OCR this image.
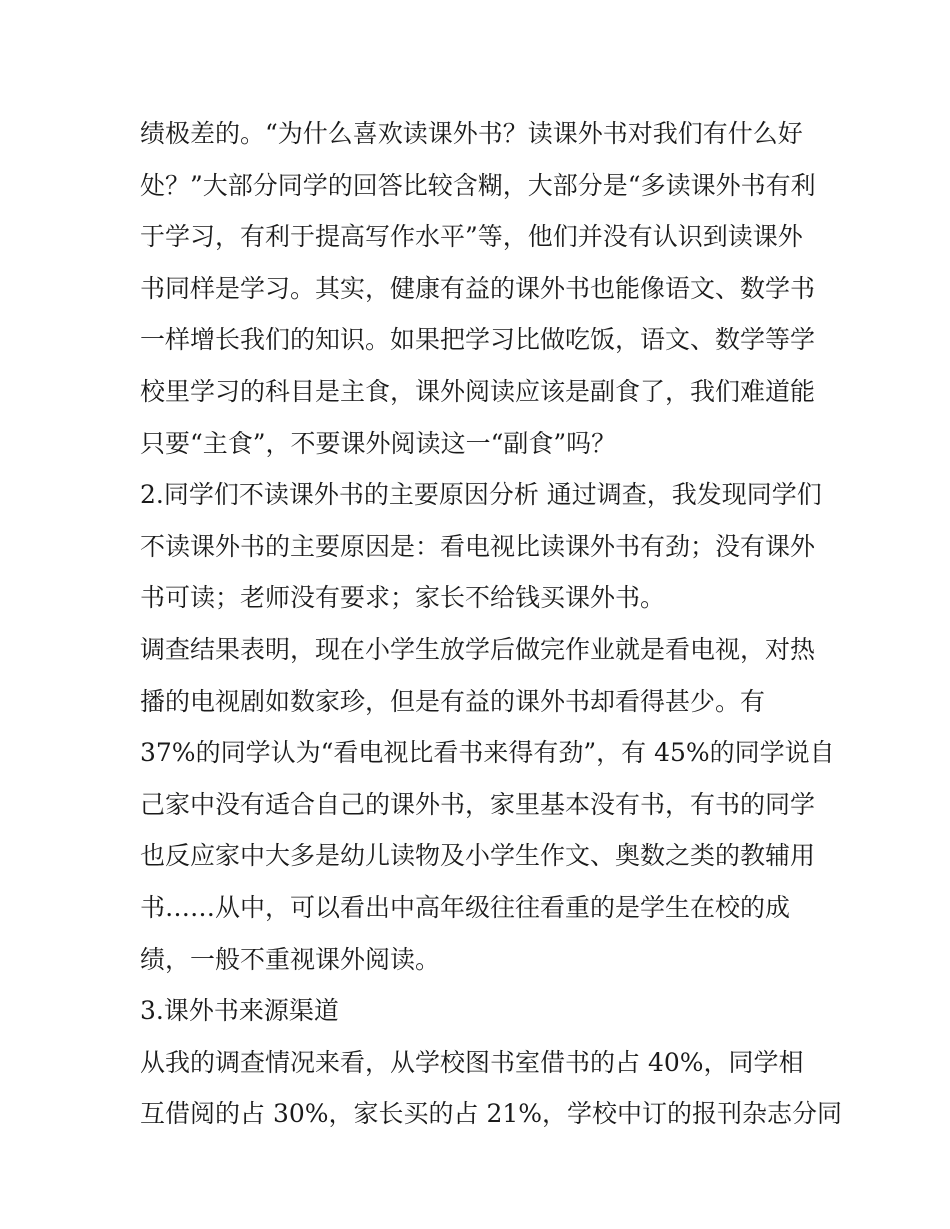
绩极差的。“为什么喜欢读课外书？读课外书对我们有什么好
处？”大部分同学的回答比较含糊，大部分是“多读课外书有利
于学习，有利于提高写作水平”等，他们并没有认识到读课外
书同样是学习。其实，健康有益的课外书也能像语文、数学书
一样增长我们的知识。如果把学习比做吃饭，语文、数学等学
校里学习的科目是主食，课外阅读应该是副食了，我们难道能
只要“主食”，不要课外阅读这一“副食”吗？
2.同学们不读课外书的主要原因分析 通过调查，我发现同学们
不读课外书的主要原因是：看电视比读课外书有劲；没有课外
书可读；老师没有要求；家长不给钱买课外书。
调查结果表明，现在小学生放学后做完作业就是看电视，对热
播的电视剧如数家珍，但是有益的课外书却看得甚少。有
37%的同学认为“看电视比看书来得有劲”，有 45%的同学说自
己家中没有适合自己的课外书，家里基本没有书，有书的同学
也反应家中大多是幼儿读物及小学生作文、奥数之类的教辅用
书……从中，可以看出中高年级往往看重的是学生在校的成
绩，一般不重视课外阅读。
3.课外书来源渠道
从我的调查情况来看，从学校图书室借书的占 40%，同学相
互借阅的占 30%，家长买的占 21%，学校中订的报刊杂志分同
